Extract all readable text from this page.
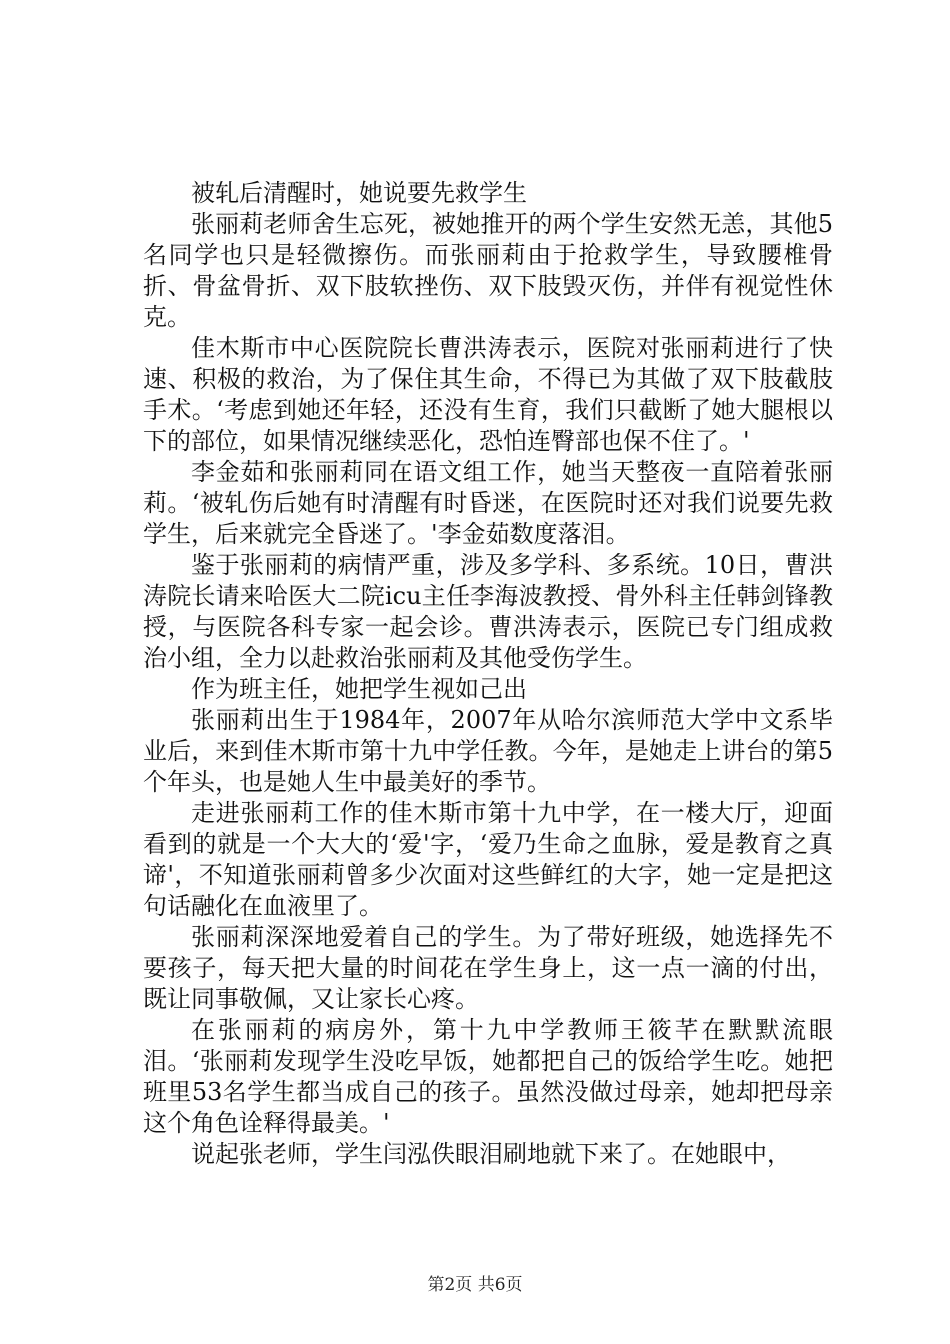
被轧后清醒时，她说要先救学生

张丽莉老师舍生忘死，被她推开的两个学生安然无恙，其他5名同学也只是轻微擦伤。而张丽莉由于抢救学生，导致腰椎骨折、骨盆骨折、双下肢软挫伤、双下肢毁灭伤，并伴有视觉性休克。

佳木斯市中心医院院长曹洪涛表示，医院对张丽莉进行了快速、积极的救治，为了保住其生命，不得已为其做了双下肢截肢手术。‘考虑到她还年轻，还没有生育，我们只截断了她大腿根以下的部位，如果情况继续恶化，恐怕连臀部也保不住了。'

李金茹和张丽莉同在语文组工作，她当天整夜一直陪着张丽莉。‘被轧伤后她有时清醒有时昏迷，在医院时还对我们说要先救学生，后来就完全昏迷了。'李金茹数度落泪。

鉴于张丽莉的病情严重，涉及多学科、多系统。10日，曹洪涛院长请来哈医大二院icu主任李海波教授、骨外科主任韩剑锋教授，与医院各科专家一起会诊。曹洪涛表示，医院已专门组成救治小组，全力以赴救治张丽莉及其他受伤学生。

作为班主任，她把学生视如己出

张丽莉出生于1984年，2007年从哈尔滨师范大学中文系毕业后，来到佳木斯市第十九中学任教。今年，是她走上讲台的第5个年头，也是她人生中最美好的季节。

走进张丽莉工作的佳木斯市第十九中学，在一楼大厅，迎面看到的就是一个大大的‘爱'字，‘爱乃生命之血脉，爱是教育之真谛'，不知道张丽莉曾多少次面对这些鲜红的大字，她一定是把这句话融化在血液里了。

张丽莉深深地爱着自己的学生。为了带好班级，她选择先不要孩子，每天把大量的时间花在学生身上，这一点一滴的付出，既让同事敬佩，又让家长心疼。

在张丽莉的病房外，第十九中学教师王筱芊在默默流眼泪。‘张丽莉发现学生没吃早饭，她都把自己的饭给学生吃。她把班里53名学生都当成自己的孩子。虽然没做过母亲，她却把母亲这个角色诠释得最美。'

说起张老师，学生闫泓佚眼泪刷地就下来了。在她眼中，

第2页 共6页
